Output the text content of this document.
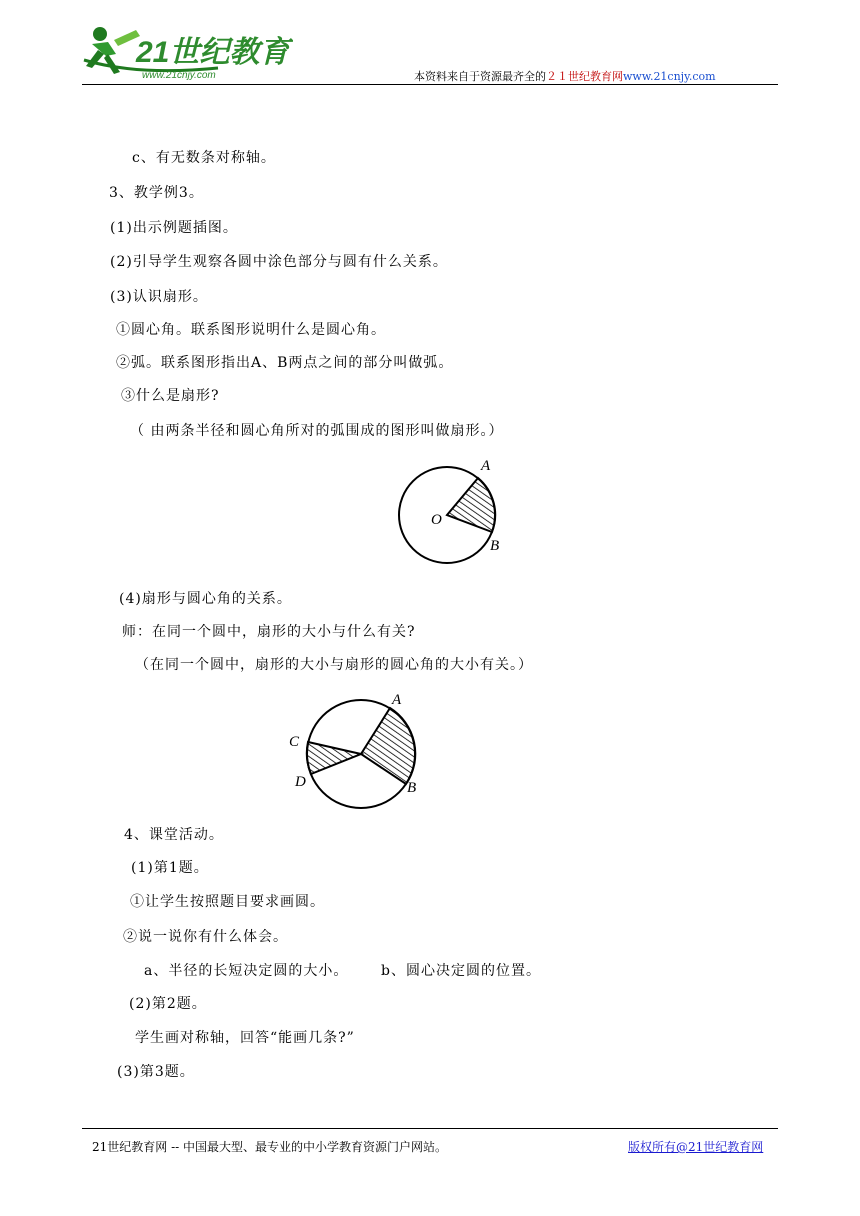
21世纪教育
www.21cnjy.com	本资料来自于资源最齐全的２１世纪教育网www.21cnjy.com
c、有无数条对称轴。
3、教学例3。
(1)出示例题插图。
(2)引导学生观察各圆中涂色部分与圆有什么关系。
(3)认识扇形。
①圆心角。联系图形说明什么是圆心角。
②弧。联系图形指出A、B两点之间的部分叫做弧。
③什么是扇形?
（ 由两条半径和圆心角所对的弧围成的图形叫做扇形。）
A
O
B
(4)扇形与圆心角的关系。
师：在同一个圆中，扇形的大小与什么有关?
（在同一个圆中，扇形的大小与扇形的圆心角的大小有关。）
A
B
C
D
4、课堂活动。
(1)第1题。
①让学生按照题目要求画圆。
②说一说你有什么体会。
a、半径的长短决定圆的大小。      b、圆心决定圆的位置。
(2)第2题。
学生画对称轴，回答“能画几条?”
(3)第3题。
21世纪教育网 -- 中国最大型、最专业的中小学教育资源门户网站。	版权所有@21世纪教育网
